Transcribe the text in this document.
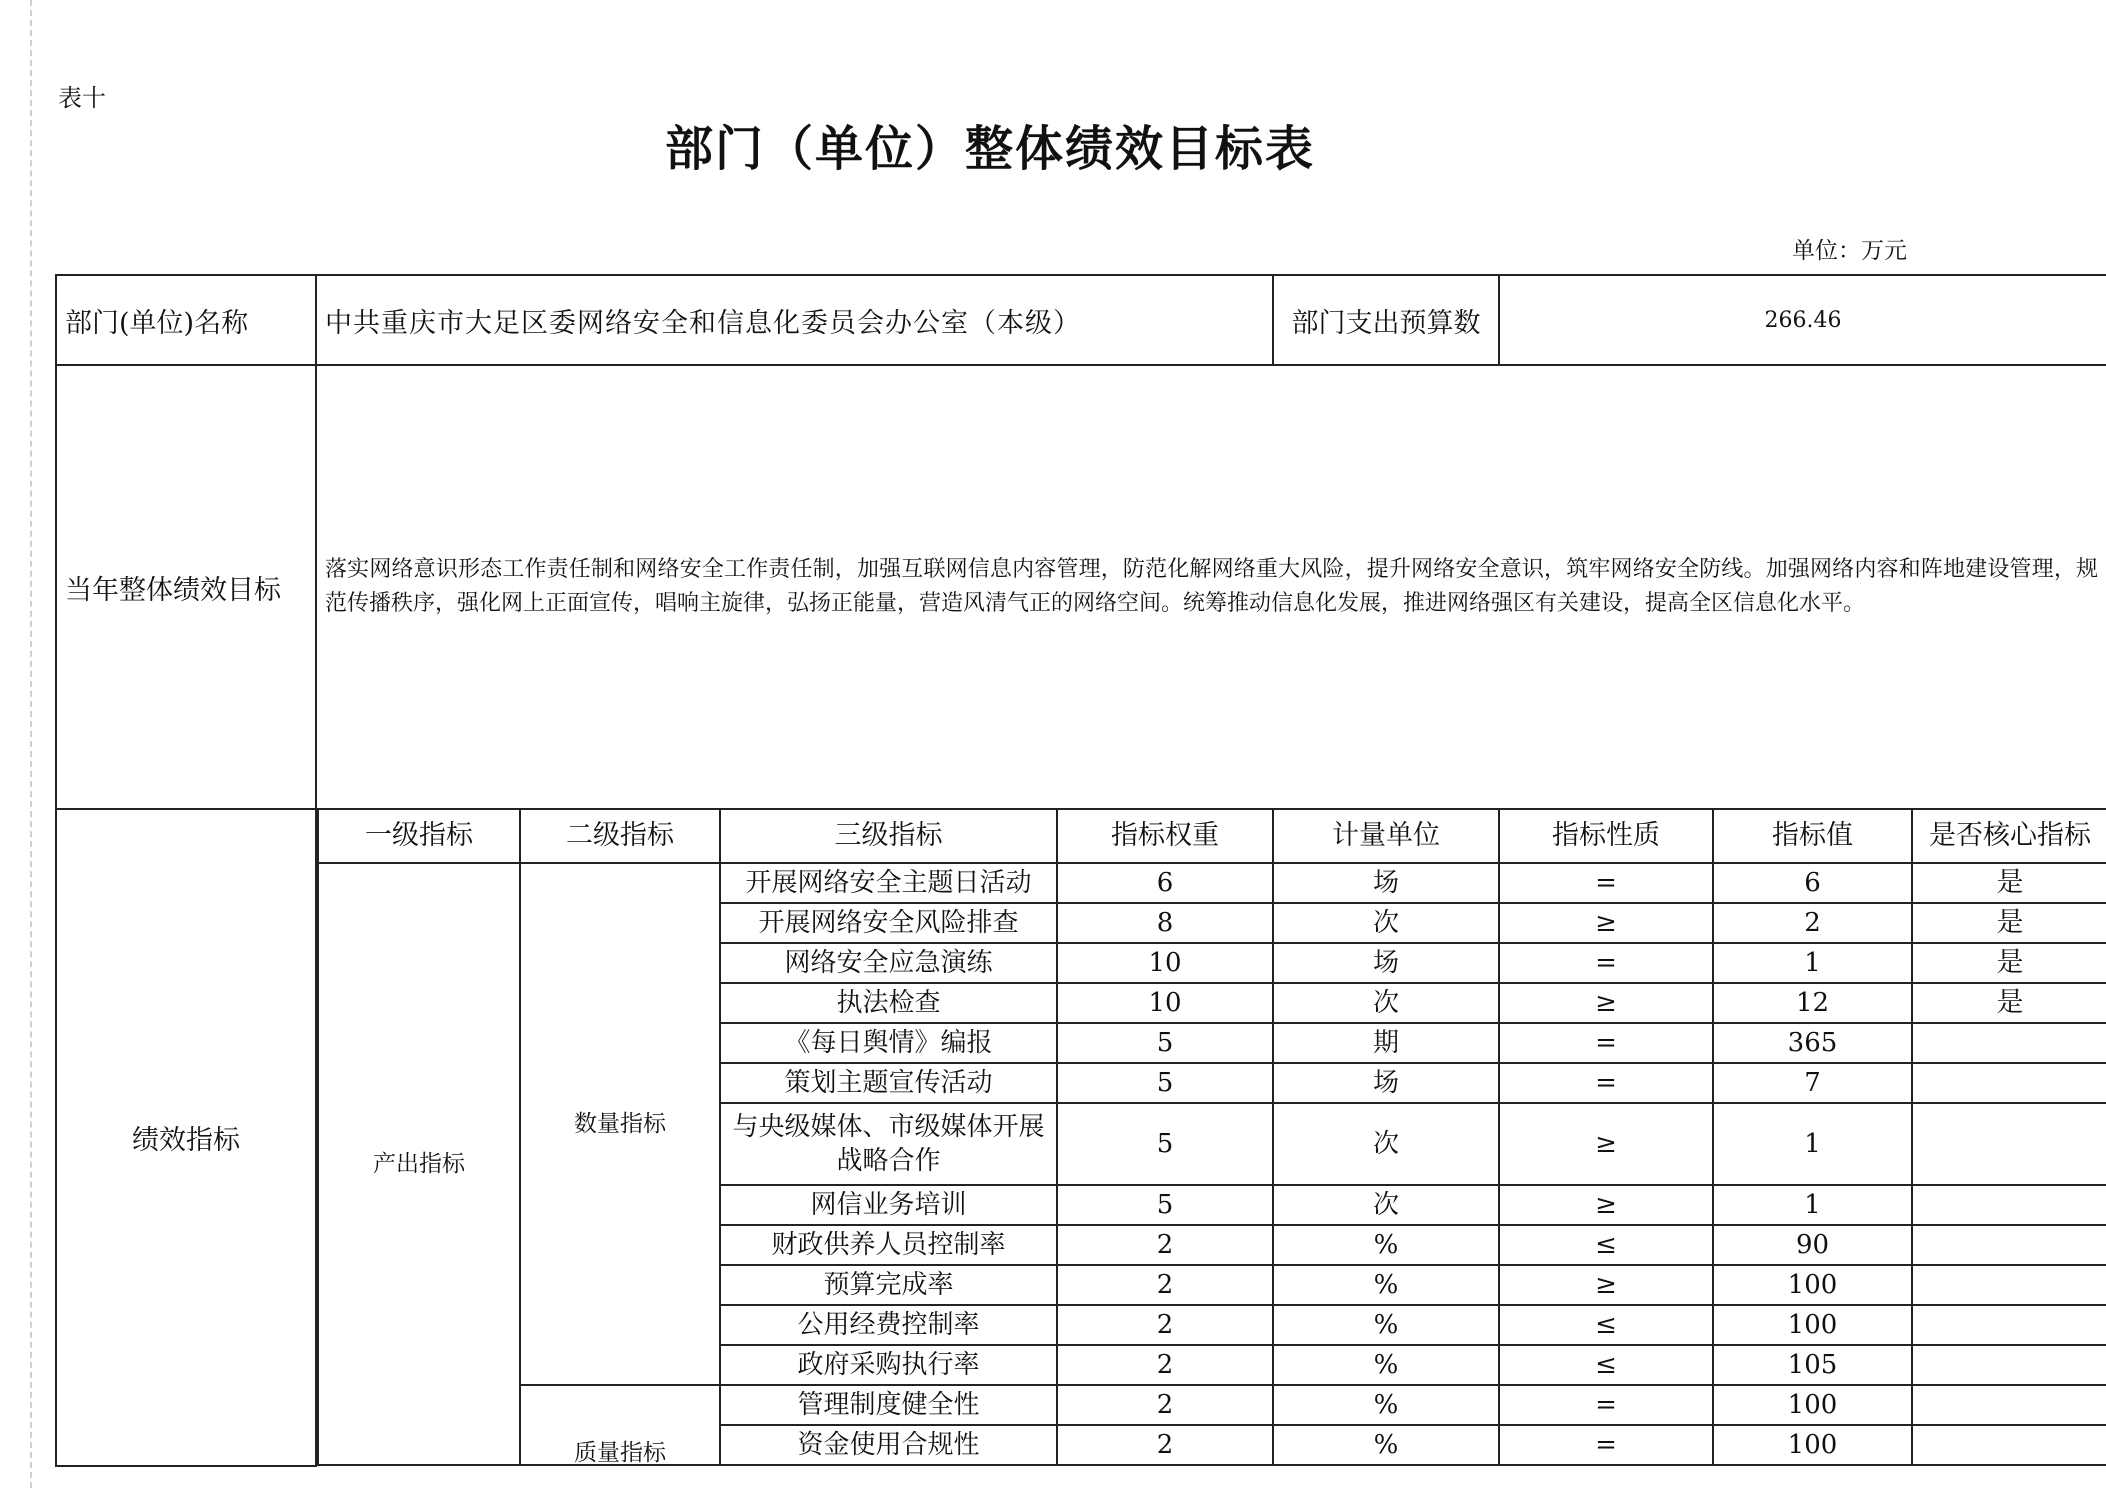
表十
部门（单位）整体绩效目标表
单位：万元
部门(单位)名称	中共重庆市大足区委网络安全和信息化委员会办公室（本级）	部门支出预算数	266.46
当年整体绩效目标	落实网络意识形态工作责任制和网络安全工作责任制，加强互联网信息内容管理，防范化解网络重大风险，提升网络安全意识，筑牢网络安全防线。加强网络内容和阵地建设管理，规范传播秩序，强化网上正面宣传，唱响主旋律，弘扬正能量，营造风清气正的网络空间。统筹推动信息化发展，推进网络强区有关建设，提高全区信息化水平。
绩效指标	
一级指标	二级指标	三级指标	指标权重	计量单位	指标性质	指标值	是否核心指标
产出指标	数量指标	开展网络安全主题日活动	6	场	=	6	是
开展网络安全风险排查	8	次	≥	2	是
网络安全应急演练	10	场	=	1	是
执法检查	10	次	≥	12	是
《每日舆情》编报	5	期	=	365	
策划主题宣传活动	5	场	=	7	
与央级媒体、市级媒体开展战略合作	5	次	≥	1	
网信业务培训	5	次	≥	1	
财政供养人员控制率	2	%	≤	90	
预算完成率	2	%	≥	100	
公用经费控制率	2	%	≤	100	
政府采购执行率	2	%	≤	105	
质量指标	管理制度健全性	2	%	=	100	
资金使用合规性	2	%	=	100	
